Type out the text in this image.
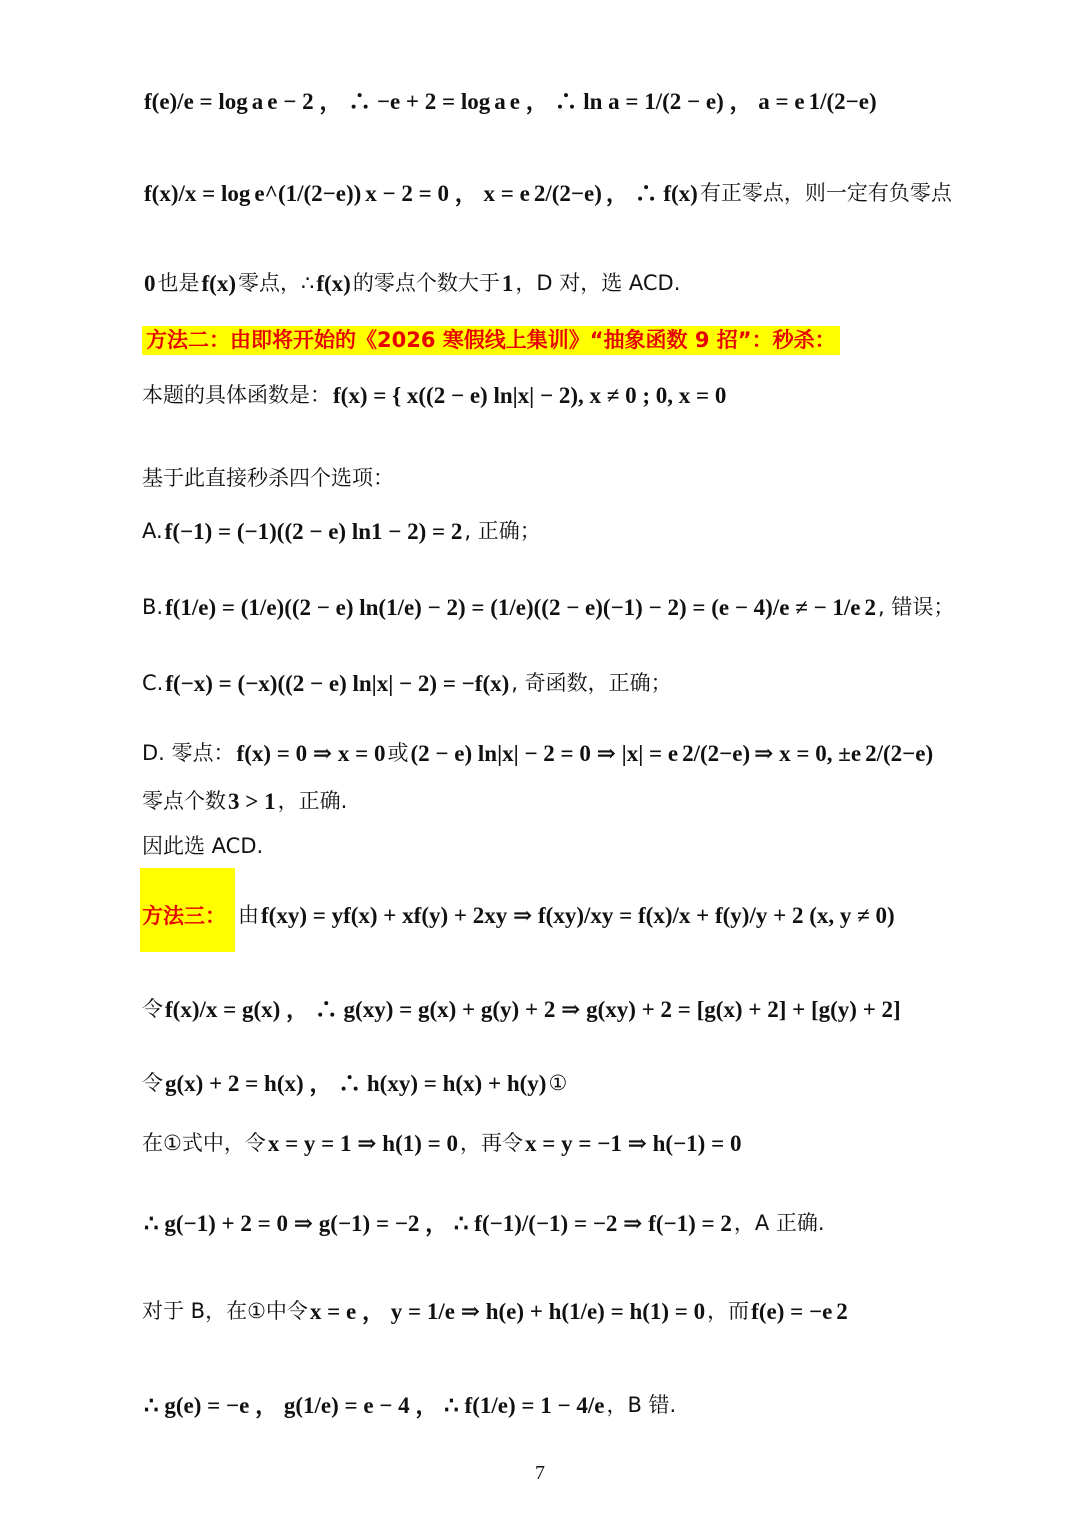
方法二：由即将开始的《2026 寒假线上集训》“抽象函数 9 招”：秒杀：
方法三：
f(e)/e = log a e − 2 ， ∴ −e + 2 = log a e ， ∴ ln a = 1/(2 − e) ， a = e 1/(2−e)
f(x)/x = log e^(1/(2−e)) x − 2 = 0 ， x = e 2/(2−e) ， ∴ f(x) 有正零点，则一定有负零点
0 也是 f(x) 零点，∴ f(x) 的零点个数大于 1 ，D 对，选 ACD.
本题的具体函数是： f(x) = { x((2 − e) ln|x| − 2), x ≠ 0 ; 0, x = 0
基于此直接秒杀四个选项：
A. f(−1) = (−1)((2 − e) ln1 − 2) = 2 , 正确；
B. f(1/e) = (1/e)((2 − e) ln(1/e) − 2) = (1/e)((2 − e)(−1) − 2) = (e − 4)/e ≠ − 1/e 2 , 错误；
C. f(−x) = (−x)((2 − e) ln|x| − 2) = −f(x) , 奇函数，正确；
D. 零点： f(x) = 0 ⇒ x = 0 或 (2 − e) ln|x| − 2 = 0 ⇒ |x| = e 2/(2−e) ⇒ x = 0, ±e 2/(2−e)
零点个数 3 > 1 ，正确.
因此选 ACD.
由 f(xy) = yf(x) + xf(y) + 2xy ⇒ f(xy)/xy = f(x)/x + f(y)/y + 2 (x, y ≠ 0)
令 f(x)/x = g(x) ， ∴ g(xy) = g(x) + g(y) + 2 ⇒ g(xy) + 2 = [g(x) + 2] + [g(y) + 2]
令 g(x) + 2 = h(x) ， ∴ h(xy) = h(x) + h(y) ①
在①式中，令 x = y = 1 ⇒ h(1) = 0 ，再令 x = y = −1 ⇒ h(−1) = 0
∴ g(−1) + 2 = 0 ⇒ g(−1) = −2 ， ∴ f(−1)/(−1) = −2 ⇒ f(−1) = 2 ，A 正确.
对于 B，在①中令 x = e ， y = 1/e ⇒ h(e) + h(1/e) = h(1) = 0 ，而 f(e) = −e 2
∴ g(e) = −e ， g(1/e) = e − 4 ， ∴ f(1/e) = 1 − 4/e ，B 错.
7
